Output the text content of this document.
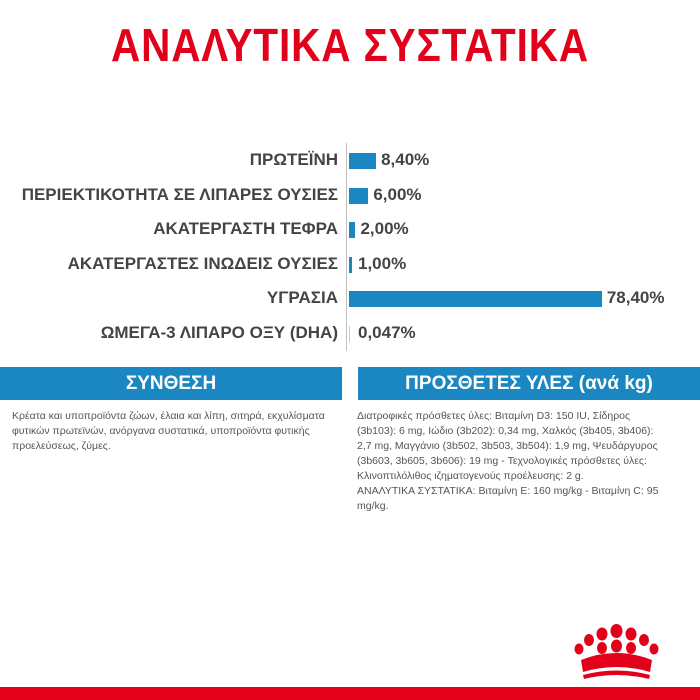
ΑΝΑΛΥΤΙΚΑ ΣΥΣΤΑΤΙΚΑ
ΠΡΩΤΕΪΝΗ	8,40%
ΠΕΡΙΕΚΤΙΚΟΤΗΤΑ ΣΕ ΛΙΠΑΡΕΣ ΟΥΣΙΕΣ 6,00%
ΑΚΑΤΕΡΓΑΣΤΗ ΤΕΦΡΑ 2,00%
ΑΚΑΤΕΡΓΑΣΤΕΣ ΙΝΩΔΕΙΣ ΟΥΣΙΕΣ 1,00%
ΥΓΡΑΣΙΑ	78,40%
ΩΜΕΓΑ-3 ΛΙΠΑΡΟ ΟΞΥ (DHA) 0,047%
ΣΥΝΘΕΣΗ	ΠΡΟΣΘΕΤΕΣ ΥΛΕΣ (ανά kg)
Κρέατα και υποπροϊόντα ζώων, έλαια και λίπη, σιτηρά, εκχυλίσματα φυτικών πρωτεϊνών, ανόργανα συστατικά, υποπροϊόντα φυτικής προελεύσεως, ζύμες.
Διατροφικές πρόσθετες ύλες: Βιταμίνη D3: 150 IU, Σίδηρος (3b103): 6 mg, Ιώδιο (3b202): 0,34 mg, Χαλκός (3b405, 3b406): 2,7 mg, Μαγγάνιο (3b502, 3b503, 3b504): 1,9 mg, Ψευδάργυρος (3b603, 3b605, 3b606): 19 mg - Τεχνολογικές πρόσθετες ύλες: Κλινοπτιλόλιθος ιζηματογενούς προέλευσης: 2 g.
ΑΝΑΛΥΤΙΚΑ ΣΥΣΤΑΤΙΚΑ: Βιταμίνη Ε: 160 mg/kg - Βιταμίνη C: 95 mg/kg.
